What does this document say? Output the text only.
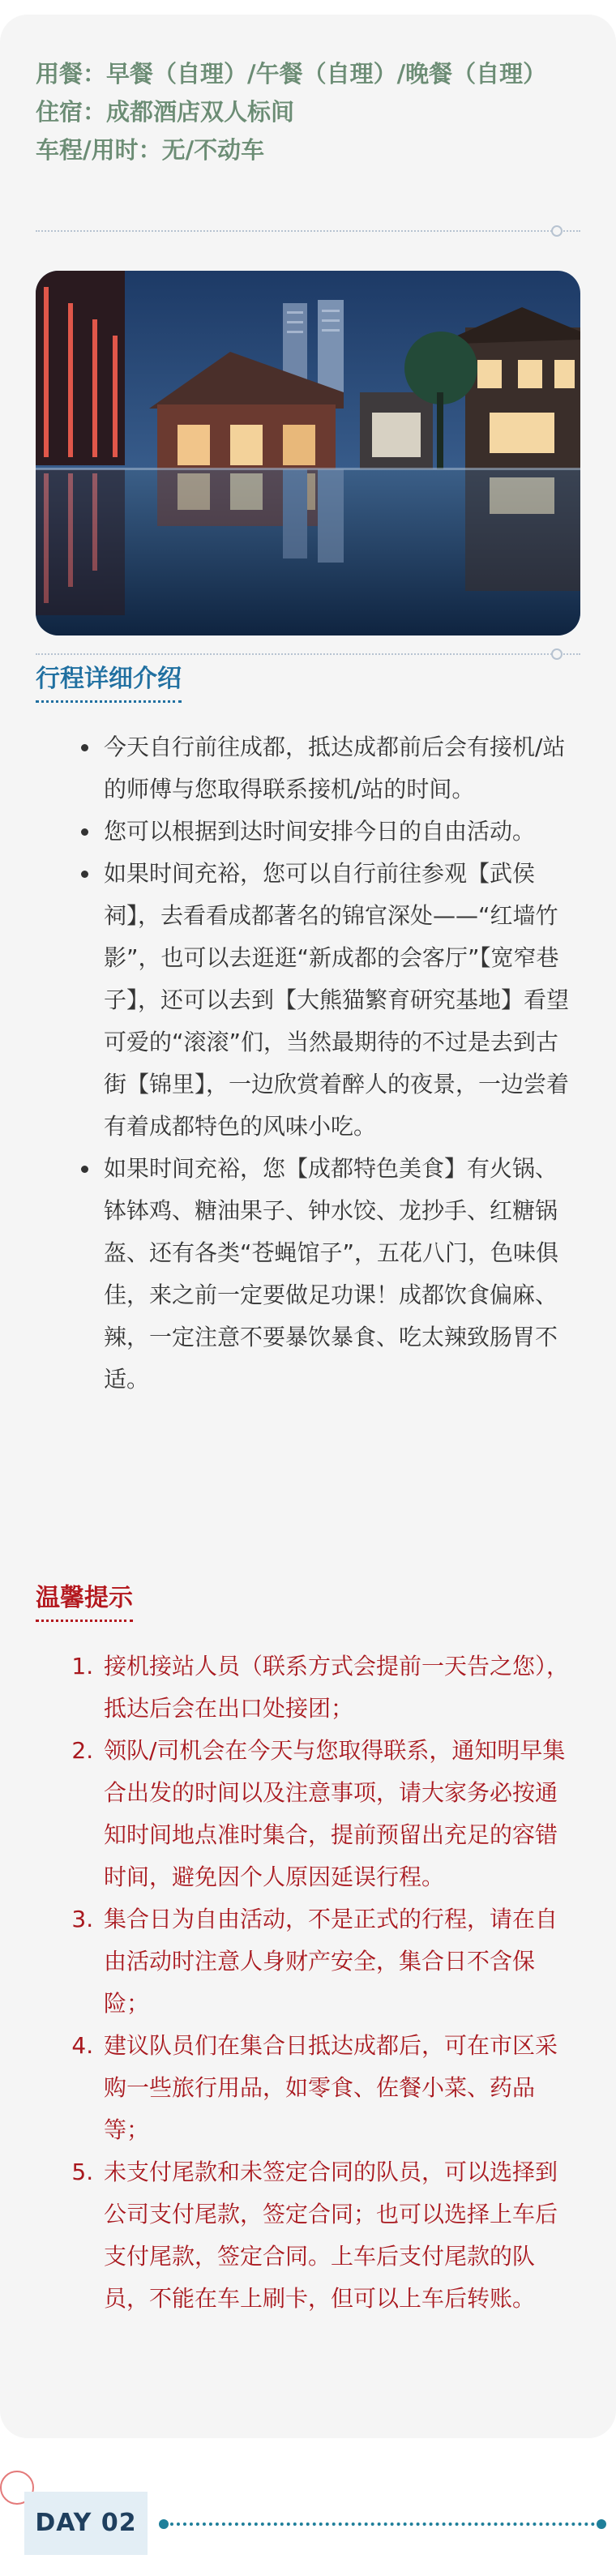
用餐：早餐（自理）/午餐（自理）/晚餐（自理）
住宿：成都酒店双人标间
车程/用时：无/不动车
行程详细介绍
• 今天自行前往成都，抵达成都前后会有接机/站的师傅与您取得联系接机/站的时间。
• 您可以根据到达时间安排今日的自由活动。
• 如果时间充裕，您可以自行前往参观【武侯祠】，去看看成都著名的锦官深处——“红墙竹影”，也可以去逛逛“新成都的会客厅”【宽窄巷子】，还可以去到【大熊猫繁育研究基地】看望可爱的“滚滚”们，当然最期待的不过是去到古街【锦里】，一边欣赏着醉人的夜景，一边尝着有着成都特色的风味小吃。
• 如果时间充裕，您【成都特色美食】有火锅、钵钵鸡、糖油果子、钟水饺、龙抄手、红糖锅盔、还有各类“苍蝇馆子”，五花八门，色味俱佳，来之前一定要做足功课！成都饮食偏麻、辣，一定注意不要暴饮暴食、吃太辣致肠胃不适。
温馨提示
1. 接机接站人员（联系方式会提前一天告之您），抵达后会在出口处接团；
2. 领队/司机会在今天与您取得联系，通知明早集合出发的时间以及注意事项，请大家务必按通知时间地点准时集合，提前预留出充足的容错时间，避免因个人原因延误行程。
3. 集合日为自由活动，不是正式的行程，请在自由活动时注意人身财产安全，集合日不含保险；
4. 建议队员们在集合日抵达成都后，可在市区采购一些旅行用品，如零食、佐餐小菜、药品等；
5. 未支付尾款和未签定合同的队员，可以选择到公司支付尾款，签定合同；也可以选择上车后支付尾款，签定合同。上车后支付尾款的队员，不能在车上刷卡，但可以上车后转账。
DAY 02
